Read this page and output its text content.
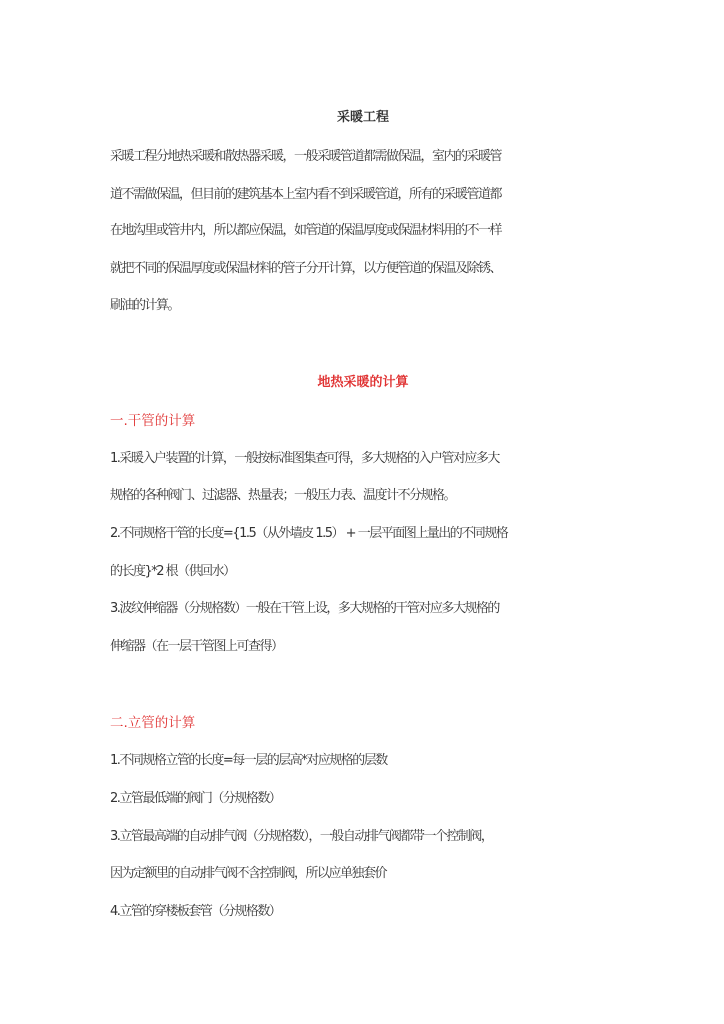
采暖工程
采暖工程分地热采暖和散热器采暖，一般采暖管道都需做保温，室内的采暖管
道不需做保温，但目前的建筑基本上室内看不到采暖管道，所有的采暖管道都
在地沟里或管井内，所以都应保温，如管道的保温厚度或保温材料用的不一样
就把不同的保温厚度或保温材料的管子分开计算，以方便管道的保温及除锈、
刷油的计算。
地热采暖的计算
一.干管的计算
1.采暖入户装置的计算，一般按标准图集查可得，多大规格的入户管对应多大
规格的各种阀门、过滤器、热量表；一般压力表、温度计不分规格。
2.不同规格干管的长度={1.5（从外墙皮 1.5） + 一层平面图上量出的不同规格
的长度}*2 根（供回水）
3.波纹伸缩器（分规格数）一般在干管上设，多大规格的干管对应多大规格的
伸缩器（在一层干管图上可查得）
二.立管的计算
1.不同规格立管的长度=每一层的层高*对应规格的层数
2.立管最低端的阀门（分规格数）
3.立管最高端的自动排气阀（分规格数），一般自动排气阀都带一个控制阀，
因为定额里的自动排气阀不含控制阀，所以应单独套价
4.立管的穿楼板套管（分规格数）
